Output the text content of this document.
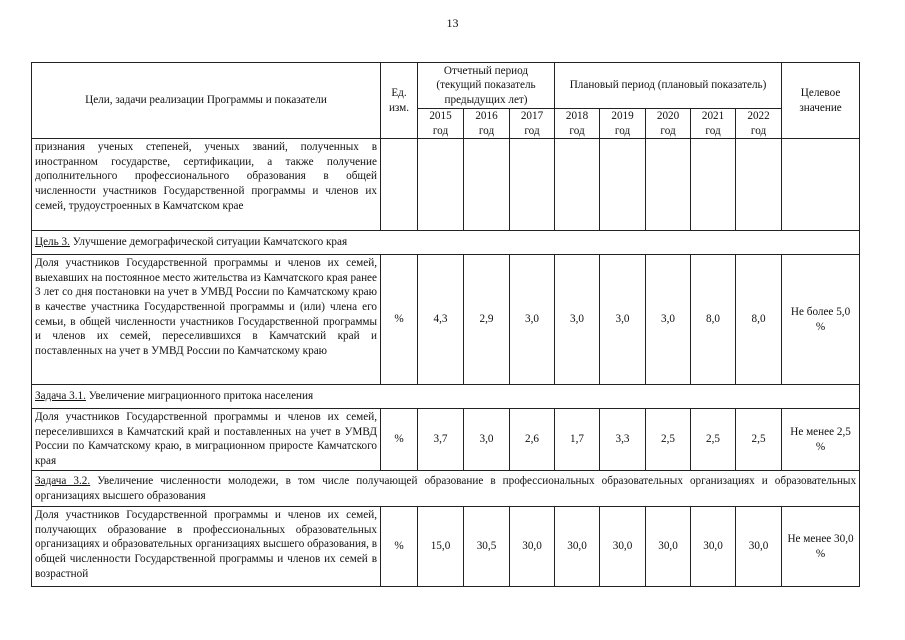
13
Цели, задачи реализации Программы и показатели	Ед. изм.	Отчетный период (текущий показатель предыдущих лет)			Плановый период (плановый показатель)					Целевое значение
		2015 год	2016 год	2017 год	2018 год	2019 год	2020 год	2021 год	2022 год	
признания ученых степеней, ученых званий, полученных в иностранном государстве, сертификации, а также получение дополнительного профессионального образования в общей численности участников Государственной программы и членов их семей, трудоустроенных в Камчатском крае										
Цель 3. Улучшение демографической ситуации Камчатского края										
Доля участников Государственной программы и членов их семей, выехавших на постоянное место жительства из Камчатского края ранее 3 лет со дня постановки на учет в УМВД России по Камчатскому краю в качестве участника Государственной программы и (или) члена его семьи, в общей численности участников Государственной программы и членов их семей, переселившихся в Камчатский край и поставленных на учет в УМВД России по Камчатскому краю	%	4,3	2,9	3,0	3,0	3,0	3,0	8,0	8,0	Не более 5,0 %
Задача 3.1. Увеличение миграционного притока населения										
Доля участников Государственной программы и членов их семей, переселившихся в Камчатский край и поставленных на учет в УМВД России по Камчатскому краю, в миграционном приросте Камчатского края	%	3,7	3,0	2,6	1,7	3,3	2,5	2,5	2,5	Не менее 2,5 %
Задача 3.2. Увеличение численности молодежи, в том числе получающей образование в профессиональных образовательных организациях и образовательных организациях высшего образования										
Доля участников Государственной программы и членов их семей, получающих образование в профессиональных образовательных организациях и образовательных организациях высшего образования, в общей численности Государственной программы и членов их семей в возрастной	%	15,0	30,5	30,0	30,0	30,0	30,0	30,0	30,0	Не менее 30,0 %
